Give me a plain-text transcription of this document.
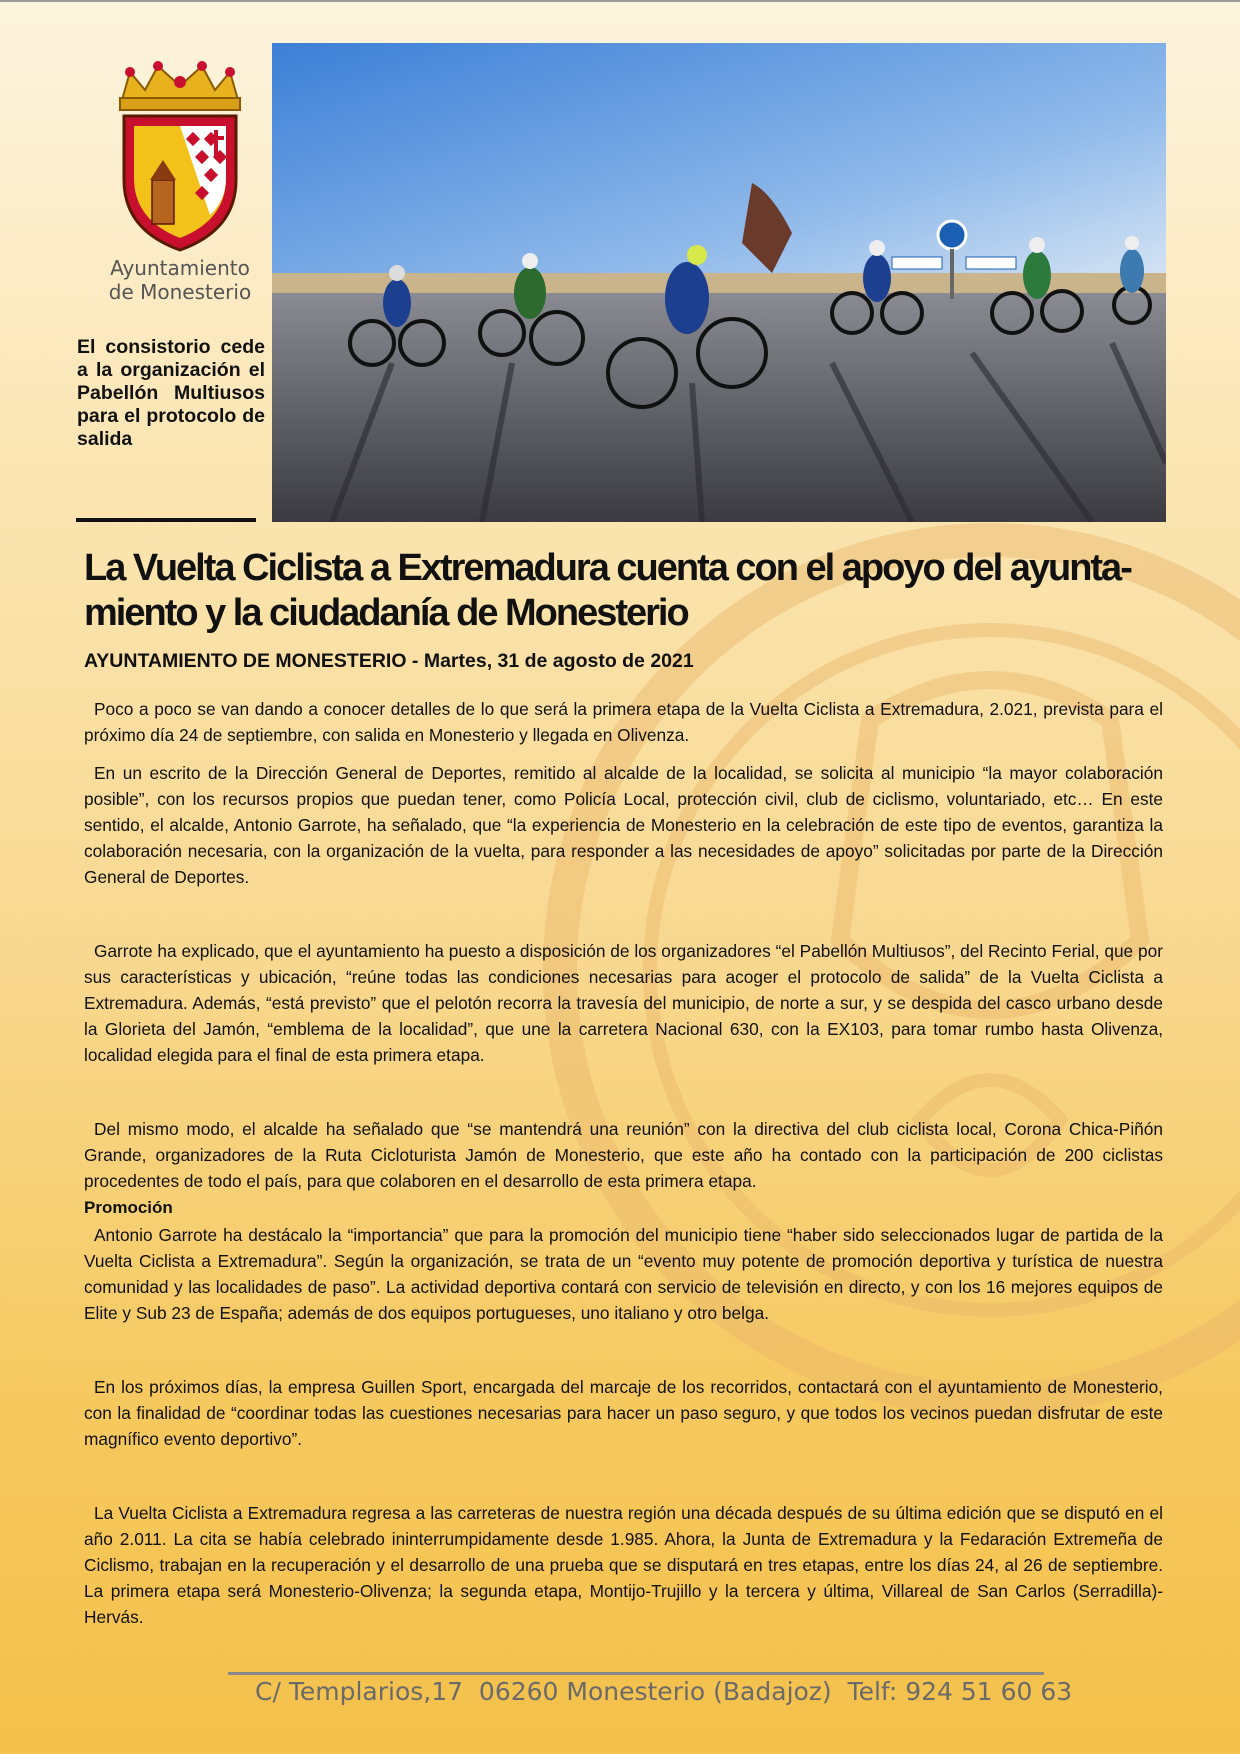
Ayuntamiento
de Monesterio
El consistorio cede a la organización el Pabellón Multiusos para el protocolo de salida
La Vuelta Ciclista a Extremadura cuenta con el apoyo del ayuntamiento y la ciudadanía de Monesterio

AYUNTAMIENTO DE MONESTERIO - Martes, 31 de agosto de 2021

Poco a poco se van dando a conocer detalles de lo que será la primera etapa de la Vuelta Ciclista a Extremadura, 2.021, prevista para el próximo día 24 de septiembre, con salida en Monesterio y llegada en Olivenza.

En un escrito de la Dirección General de Deportes, remitido al alcalde de la localidad, se solicita al municipio “la mayor colaboración posible”, con los recursos propios que puedan tener, como Policía Local, protección civil, club de ciclismo, voluntariado, etc… En este sentido, el alcalde, Antonio Garrote, ha señalado, que “la experiencia de Monesterio en la celebración de este tipo de eventos, garantiza la colaboración necesaria, con la organización de la vuelta, para responder a las necesidades de apoyo” solicitadas por parte de la Dirección General de Deportes.

Garrote ha explicado, que el ayuntamiento ha puesto a disposición de los organizadores “el Pabellón Multiusos”, del Recinto Ferial, que por sus características y ubicación, “reúne todas las condiciones necesarias para acoger el protocolo de salida” de la Vuelta Ciclista a Extremadura. Además, “está previsto” que el pelotón recorra la travesía del municipio, de norte a sur, y se despida del casco urbano desde la Glorieta del Jamón, “emblema de la localidad”, que une la carretera Nacional 630, con la EX103, para tomar rumbo hasta Olivenza, localidad elegida para el final de esta primera etapa.

Del mismo modo, el alcalde ha señalado que “se mantendrá una reunión” con la directiva del club ciclista local, Corona Chica-Piñón Grande, organizadores de la Ruta Cicloturista Jamón de Monesterio, que este año ha contado con la participación de 200 ciclistas procedentes de todo el país, para que colaboren en el desarrollo de esta primera etapa.

Promoción

Antonio Garrote ha destácalo la “importancia” que para la promoción del municipio tiene “haber sido seleccionados lugar de partida de la Vuelta Ciclista a Extremadura”. Según la organización, se trata de un “evento muy potente de promoción deportiva y turística de nuestra comunidad y las localidades de paso”. La actividad deportiva contará con servicio de televisión en directo, y con los 16 mejores equipos de Elite y Sub 23 de España; además de dos equipos portugueses, uno italiano y otro belga.

En los próximos días, la empresa Guillen Sport, encargada del marcaje de los recorridos, contactará con el ayuntamiento de Monesterio, con la finalidad de “coordinar todas las cuestiones necesarias para hacer un paso seguro, y que todos los vecinos puedan disfrutar de este magnífico evento deportivo”.

La Vuelta Ciclista a Extremadura regresa a las carreteras de nuestra región una década después de su última edición que se disputó en el año 2.011. La cita se había celebrado ininterrumpidamente desde 1.985. Ahora, la Junta de Extremadura y la Fedaración Extremeña de Ciclismo, trabajan en la recuperación y el desarrollo de una prueba que se disputará en tres etapas, entre los días 24, al 26 de septiembre. La primera etapa será Monesterio-Olivenza; la segunda etapa, Montijo-Trujillo y la tercera y última, Villareal de San Carlos (Serradilla)-Hervás.

C/ Templarios,17  06260 Monesterio (Badajoz)  Telf: 924 51 60 63
